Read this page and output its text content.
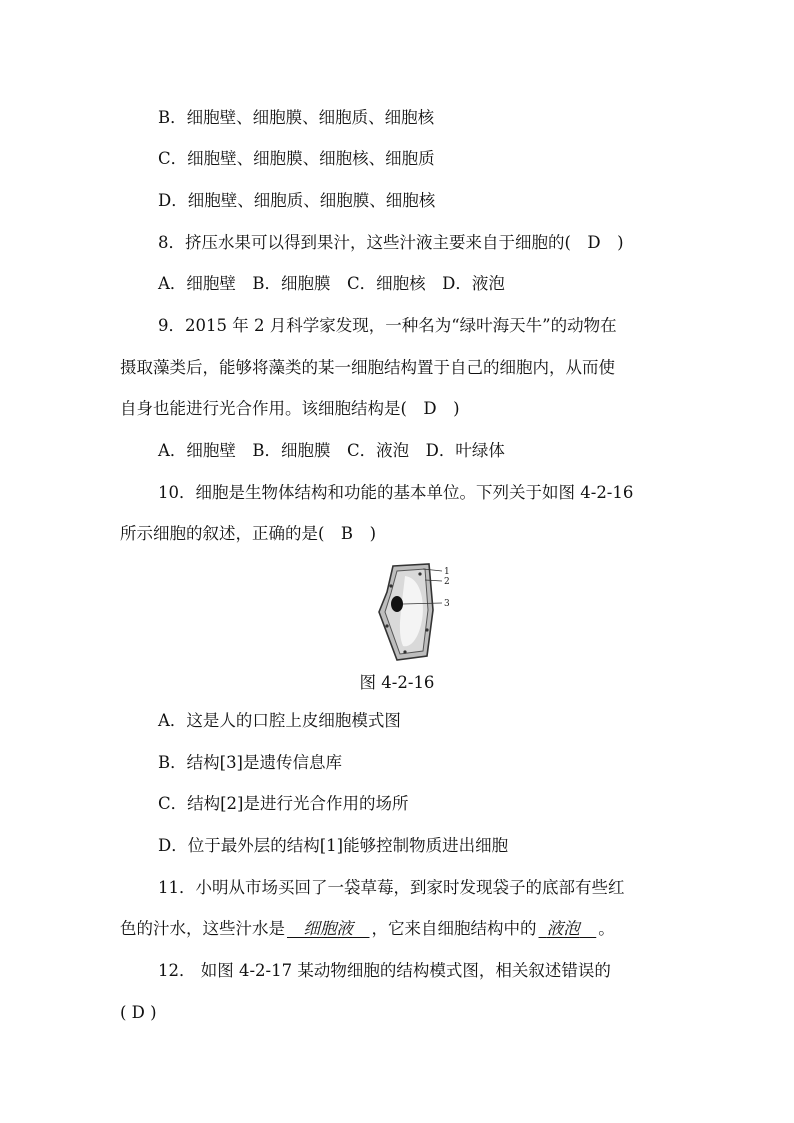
B．细胞壁、细胞膜、细胞质、细胞核
C．细胞壁、细胞膜、细胞核、细胞质
D．细胞壁、细胞质、细胞膜、细胞核
8．挤压水果可以得到果汁，这些汁液主要来自于细胞的(　D　)
A．细胞壁　B．细胞膜　C．细胞核　D．液泡
9．2015 年 2 月科学家发现，一种名为“绿叶海天牛”的动物在
摄取藻类后，能够将藻类的某一细胞结构置于自己的细胞内，从而使
自身也能进行光合作用。该细胞结构是(　D　)
A．细胞壁　B．细胞膜　C．液泡　D．叶绿体
10．细胞是生物体结构和功能的基本单位。下列关于如图 4-2-16
所示细胞的叙述，正确的是(　B　)
1
2
3
图 4-2-16
A．这是人的口腔上皮细胞模式图
B．结构[3]是遗传信息库
C．结构[2]是进行光合作用的场所
D．位于最外层的结构[1]能够控制物质进出细胞
11．小明从市场买回了一袋草莓，到家时发现袋子的底部有些红
色的汁水，这些汁水是  细胞液  ，它来自细胞结构中的  液泡  。
12． 如图 4-2-17 某动物细胞的结构模式图，相关叙述错误的
( D )
